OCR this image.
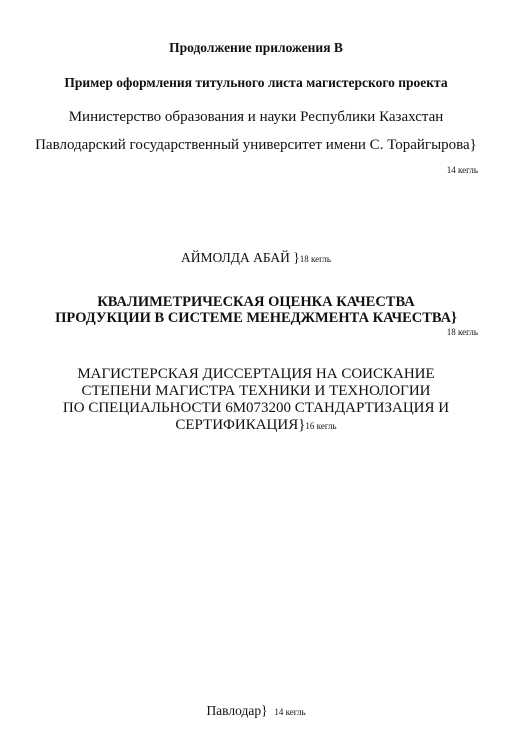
Продолжение приложения В
Пример оформления титульного листа магистерского проекта
Министерство образования и науки Республики Казахстан
Павлодарский государственный университет имени С. Торайгырова}
14 кегль
АЙМОЛДА АБАЙ }18 кегль
КВАЛИМЕТРИЧЕСКАЯ ОЦЕНКА КАЧЕСТВА
ПРОДУКЦИИ В СИСТЕМЕ МЕНЕДЖМЕНТА КАЧЕСТВА}
18 кегль
МАГИСТЕРСКАЯ ДИССЕРТАЦИЯ НА СОИСКАНИЕ
СТЕПЕНИ МАГИСТРА ТЕХНИКИ И ТЕХНОЛОГИИ
ПО СПЕЦИАЛЬНОСТИ 6М073200 СТАНДАРТИЗАЦИЯ И
СЕРТИФИКАЦИЯ}16 кегль
Павлодар} 14 кегль
